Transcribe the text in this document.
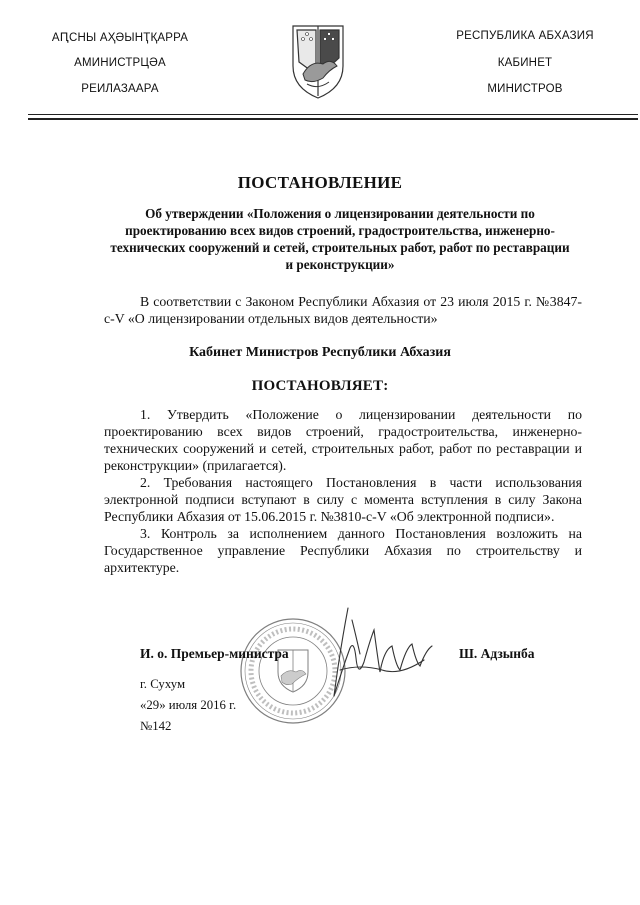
АԤСНЫ АҲӘЫНҬҚАРРА
АМИНИСТРЦӘА
РЕИЛАЗААРА
РЕСПУБЛИКА АБХАЗИЯ
КАБИНЕТ
МИНИСТРОВ
ПОСТАНОВЛЕНИЕ
Об утверждении «Положения о лицензировании деятельности по проектированию всех видов строений, градостроительства, инженерно-технических сооружений и сетей, строительных работ, работ по реставрации и реконструкции»
В соответствии с Законом Республики Абхазия от 23 июля 2015 г. №3847-с-V «О лицензировании отдельных видов деятельности»
Кабинет Министров Республики Абхазия
ПОСТАНОВЛЯЕТ:

1. Утвердить «Положение о лицензировании деятельности по проектированию всех видов строений, градостроительства, инженерно-технических сооружений и сетей, строительных работ, работ по реставрации и реконструкции» (прилагается).

2. Требования настоящего Постановления в части использования электронной подписи вступают в силу с момента вступления в силу Закона Республики Абхазия от 15.06.2015 г. №3810-с-V «Об электронной подписи».

3. Контроль за исполнением данного Постановления возложить на Государственное управление Республики Абхазия по строительству и архитектуре.

И. о. Премьер-министра	Ш. Адзынба
г. Сухум
«29» июля 2016 г.
№142
